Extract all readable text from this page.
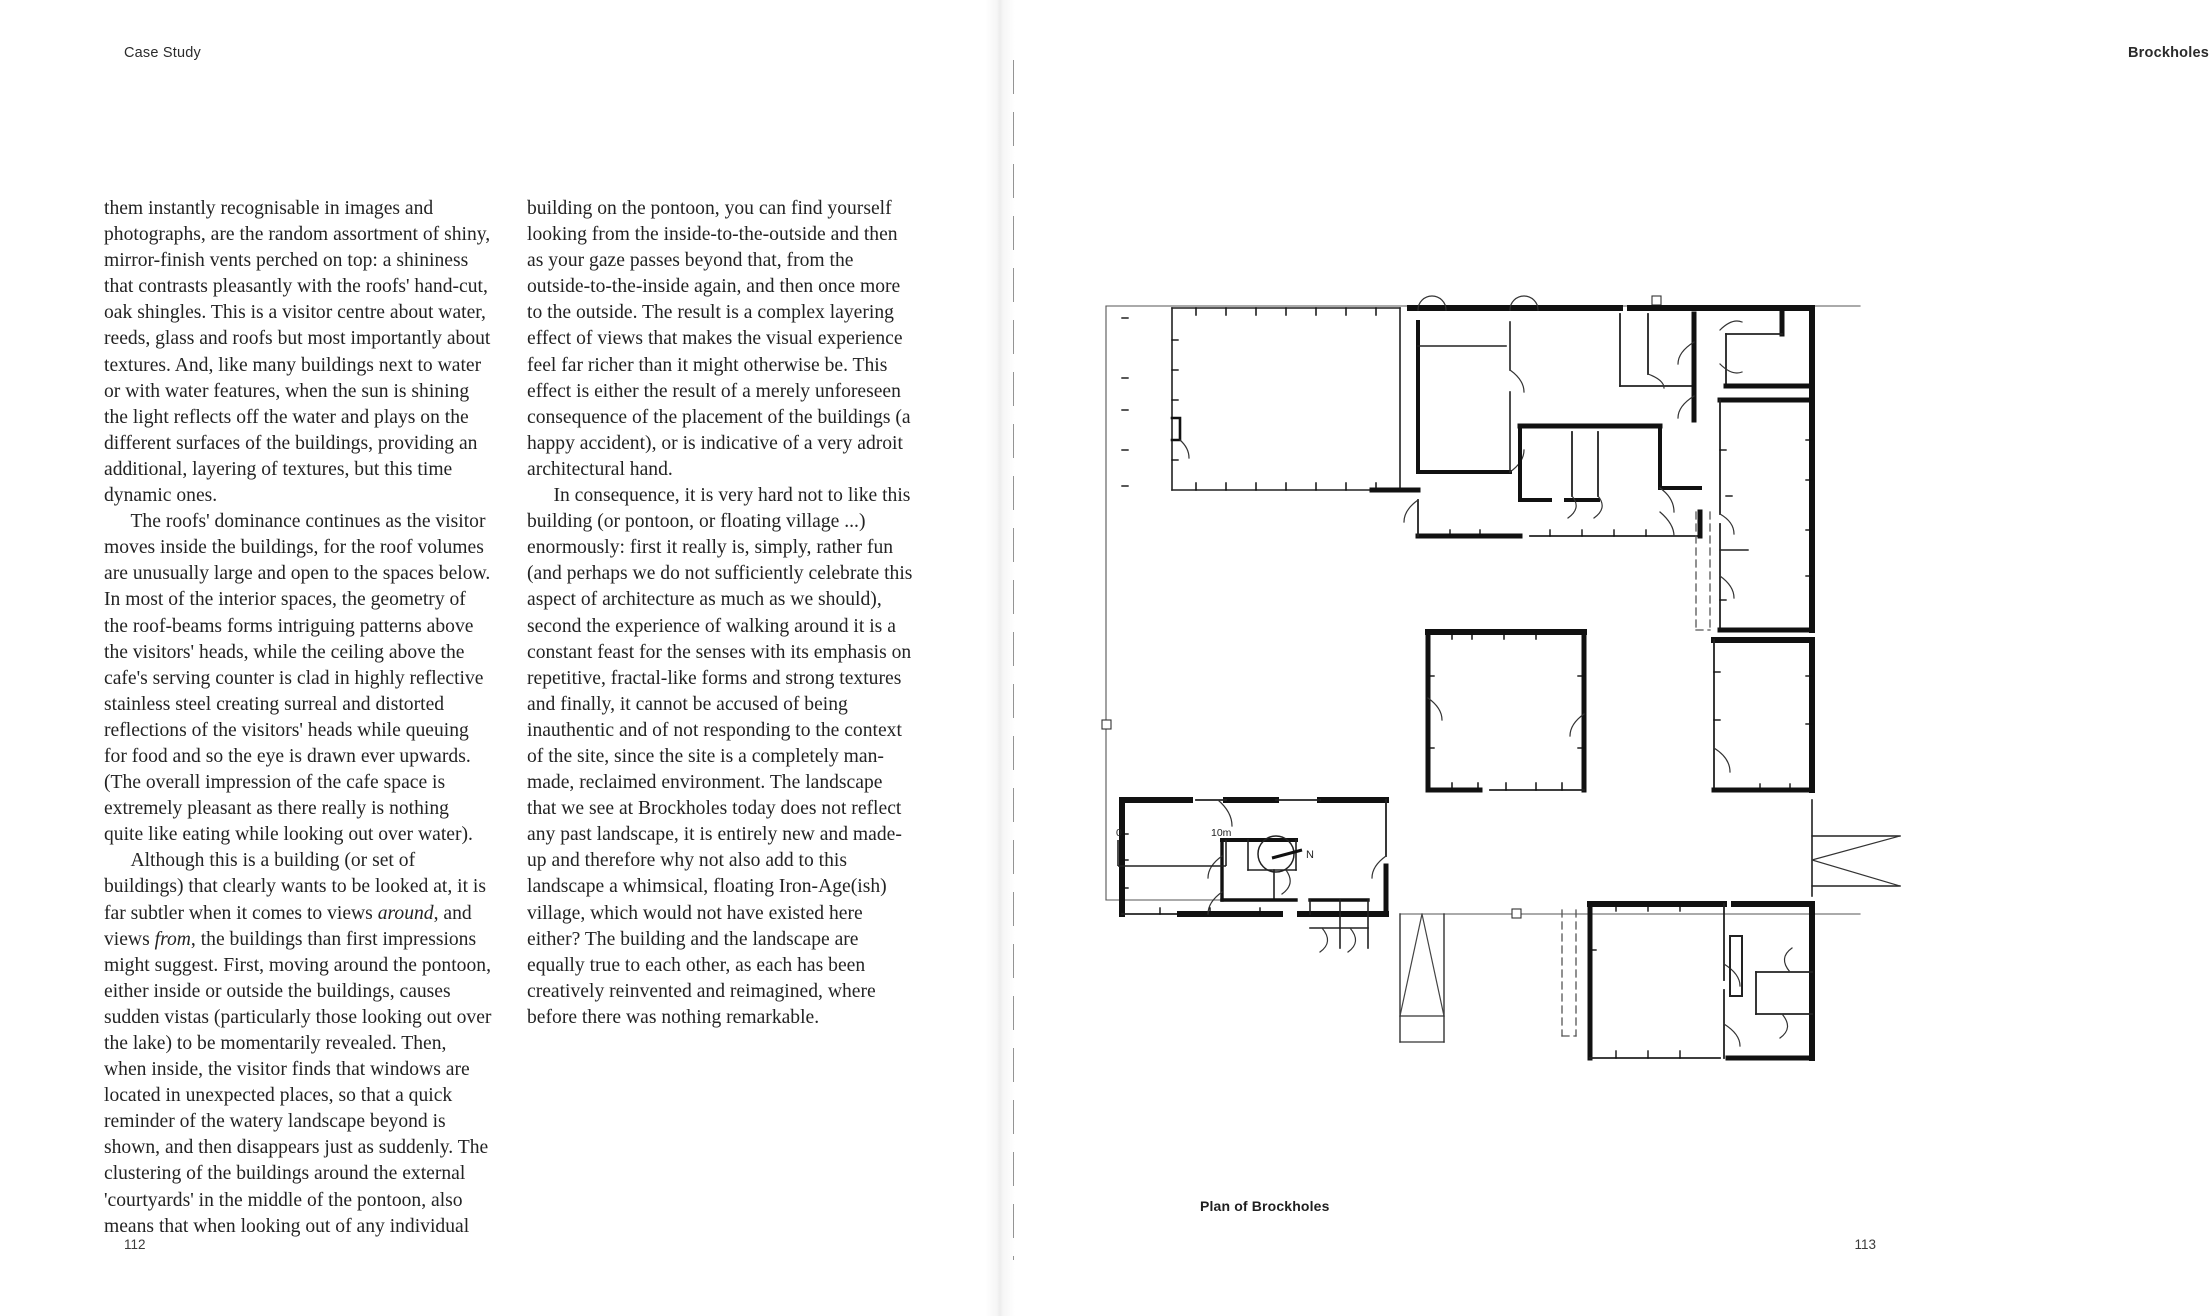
Case Study

them instantly recognisable in images and photographs, are the random assortment of shiny, mirror-finish vents perched on top: a shininess that contrasts pleasantly with the roofs' hand-cut, oak shingles. This is a visitor centre about water, reeds, glass and roofs but most importantly about textures. And, like many buildings next to water or with water features, when the sun is shining the light reflects off the water and plays on the different surfaces of the buildings, providing an additional, layering of textures, but this time dynamic ones.

The roofs' dominance continues as the visitor moves inside the buildings, for the roof volumes are unusually large and open to the spaces below. In most of the interior spaces, the geometry of the roof-beams forms intriguing patterns above the visitors' heads, while the ceiling above the cafe's serving counter is clad in highly reflective stainless steel creating surreal and distorted reflections of the visitors' heads while queuing for food and so the eye is drawn ever upwards. (The overall impression of the cafe space is extremely pleasant as there really is nothing quite like eating while looking out over water).

Although this is a building (or set of buildings) that clearly wants to be looked at, it is far subtler when it comes to views around, and views from, the buildings than first impressions might suggest. First, moving around the pontoon, either inside or outside the buildings, causes sudden vistas (particularly those looking out over the lake) to be momentarily revealed. Then, when inside, the visitor finds that windows are located in unexpected places, so that a quick reminder of the watery landscape beyond is shown, and then disappears just as suddenly. The clustering of the buildings around the external 'courtyards' in the middle of the pontoon, also means that when looking out of any individual

112
Brockholes
113

building on the pontoon, you can find yourself looking from the inside-to-the-outside and then as your gaze passes beyond that, from the outside-to-the-inside again, and then once more to the outside. The result is a complex layering effect of views that makes the visual experience feel far richer than it might otherwise be. This effect is either the result of a merely unforeseen consequence of the placement of the buildings (a happy accident), or is indicative of a very adroit architectural hand.

In consequence, it is very hard not to like this building (or pontoon, or floating village ...) enormously: first it really is, simply, rather fun (and perhaps we do not sufficiently celebrate this aspect of architecture as much as we should), second the experience of walking around it is a constant feast for the senses with its emphasis on repetitive, fractal-like forms and strong textures and finally, it cannot be accused of being inauthentic and of not responding to the context of the site, since the site is a completely man-made, reclaimed environment. The landscape that we see at Brockholes today does not reflect any past landscape, it is entirely new and made-up and therefore why not also add to this landscape a whimsical, floating Iron-Age(ish) village, which would not have existed here either? The building and the landscape are equally true to each other, as each has been creatively reinvented and reimagined, where before there was nothing remarkable.

0	10m
N
Plan of Brockholes
